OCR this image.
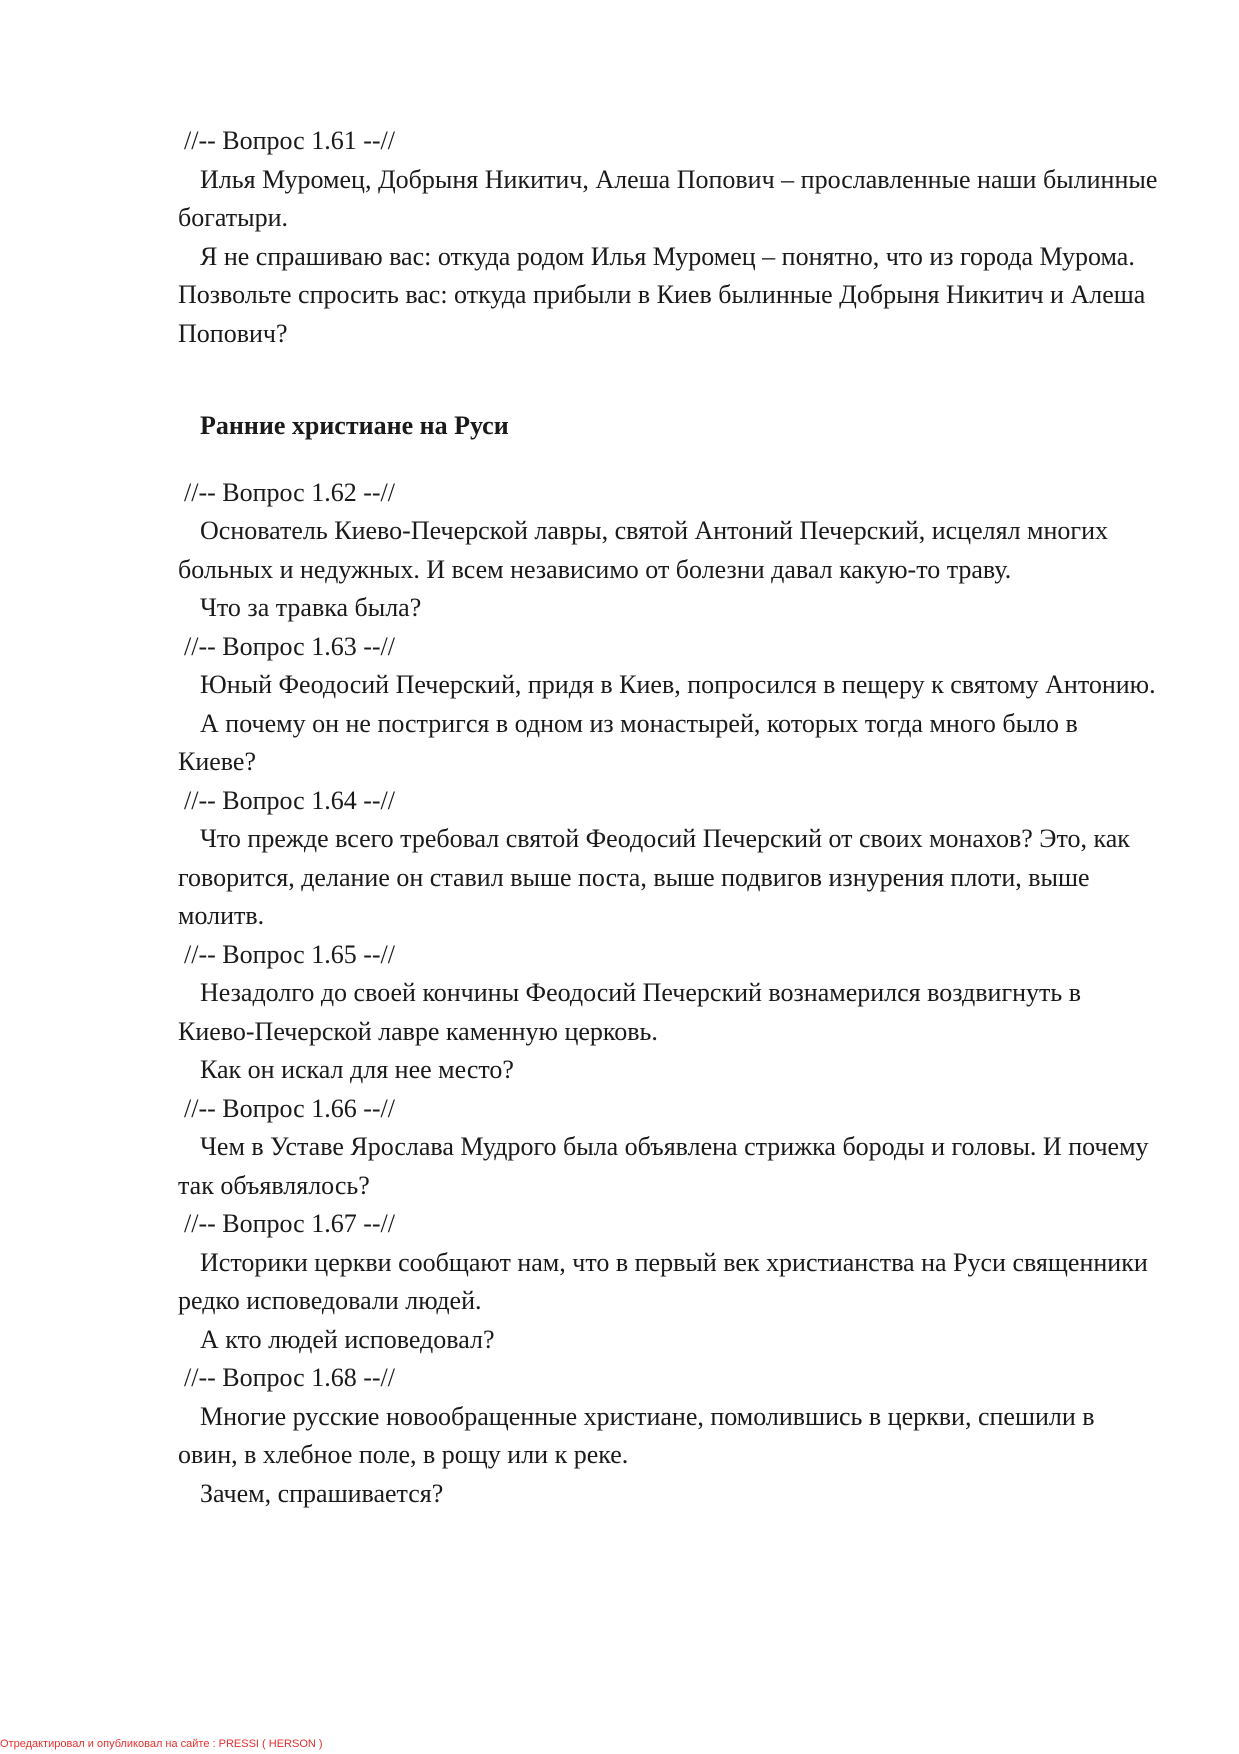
//-- Вопрос 1.61 --//

Илья Муромец, Добрыня Никитич, Алеша Попович – прославленные наши былинные богатыри.

Я не спрашиваю вас: откуда родом Илья Муромец – понятно, что из города Мурома. Позвольте спросить вас: откуда прибыли в Киев былинные Добрыня Никитич и Алеша Попович?

Ранние христиане на Руси

//-- Вопрос 1.62 --//

Основатель Киево-Печерской лавры, святой Антоний Печерский, исцелял многих больных и недужных. И всем независимо от болезни давал какую-то траву.

Что за травка была?

//-- Вопрос 1.63 --//

Юный Феодосий Печерский, придя в Киев, попросился в пещеру к святому Антонию.

А почему он не постригся в одном из монастырей, которых тогда много было в Киеве?

//-- Вопрос 1.64 --//

Что прежде всего требовал святой Феодосий Печерский от своих монахов? Это, как говорится, делание он ставил выше поста, выше подвигов изнурения плоти, выше молитв.

//-- Вопрос 1.65 --//

Незадолго до своей кончины Феодосий Печерский вознамерился воздвигнуть в Киево-Печерской лавре каменную церковь.

Как он искал для нее место?

//-- Вопрос 1.66 --//

Чем в Уставе Ярослава Мудрого была объявлена стрижка бороды и головы. И почему так объявлялось?

//-- Вопрос 1.67 --//

Историки церкви сообщают нам, что в первый век христианства на Руси священники редко исповедовали людей.

А кто людей исповедовал?

//-- Вопрос 1.68 --//

Многие русские новообращенные христиане, помолившись в церкви, спешили в овин, в хлебное поле, в рощу или к реке.

Зачем, спрашивается?

Отредактировал и опубликовал на сайте : PRESSI ( HERSON )
